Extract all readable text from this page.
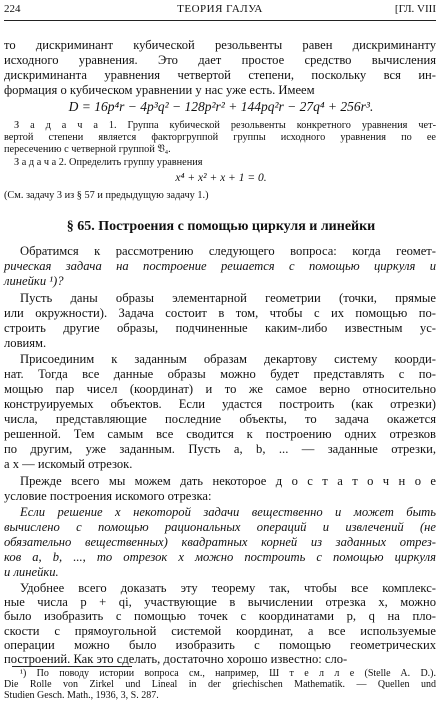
224	ТЕОРИЯ ГАЛУА	[ГЛ. VIII
то дискриминант кубической резольвенты равен дискриминанту
исходного уравнения. Это дает простое средство вычисления
дискриминанта уравнения четвертой степени, поскольку вся ин-
формация о кубическом уравнении у нас уже есть. Имеем
D = 16p⁴r − 4p³q² − 128p²r² + 144pq²r − 27q⁴ + 256r³.
З а д а ч а 1. Группа кубической резольвенты конкретного уравнения чет-
вертой степени является факторгруппой группы исходного уравнения по ее
пересечению с четверной группой 𝔙₄.
З а д а ч а 2. Определить группу уравнения
x⁴ + x² + x + 1 = 0.
(См. задачу 3 из § 57 и предыдущую задачу 1.)
§ 65. Построения с помощью циркуля и линейки
Обратимся к рассмотрению следующего вопроса: когда геомет-
рическая задача на построение решается с помощью циркуля и
линейки ¹)?
Пусть даны образы элементарной геометрии (точки, прямые
или окружности). Задача состоит в том, чтобы с их помощью по-
строить другие образы, подчиненные каким-либо известным ус-
ловиям.
Присоединим к заданным образам декартову систему коорди-
нат. Тогда все данные образы можно будет представлять с по-
мощью пар чисел (координат) и то же самое верно относительно
конструируемых объектов. Если удастся построить (как отрезки)
числа, представляющие последние объекты, то задача окажется
решенной. Тем самым все сводится к построению одних отрезков
по другим, уже заданным. Пусть a, b, ... — заданные отрезки,
а x — искомый отрезок.
Прежде всего мы можем дать некоторое д о с т а т о ч н о е
условие построения искомого отрезка:
Если решение x некоторой задачи вещественно и может быть
вычислено с помощью рациональных операций и извлечений (не
обязательно вещественных) квадратных корней из заданных отрез-
ков a, b, ..., то отрезок x можно построить с помощью циркуля
и линейки.
Удобнее всего доказать эту теорему так, чтобы все комплекс-
ные числа p + qi, участвующие в вычислении отрезка x, можно
было изобразить с помощью точек с координатами p, q на пло-
скости с прямоугольной системой координат, а все используемые
операции можно было изобразить с помощью геометрических
построений. Как это сделать, достаточно хорошо известно: сло-
¹) По поводу истории вопроса см., например, Ш т е л л е (Stelle A. D.).
Die Rolle von Zirkel und Lineal in der griechischen Mathematik. — Quellen und
Studien Gesch. Math., 1936, 3, S. 287.
